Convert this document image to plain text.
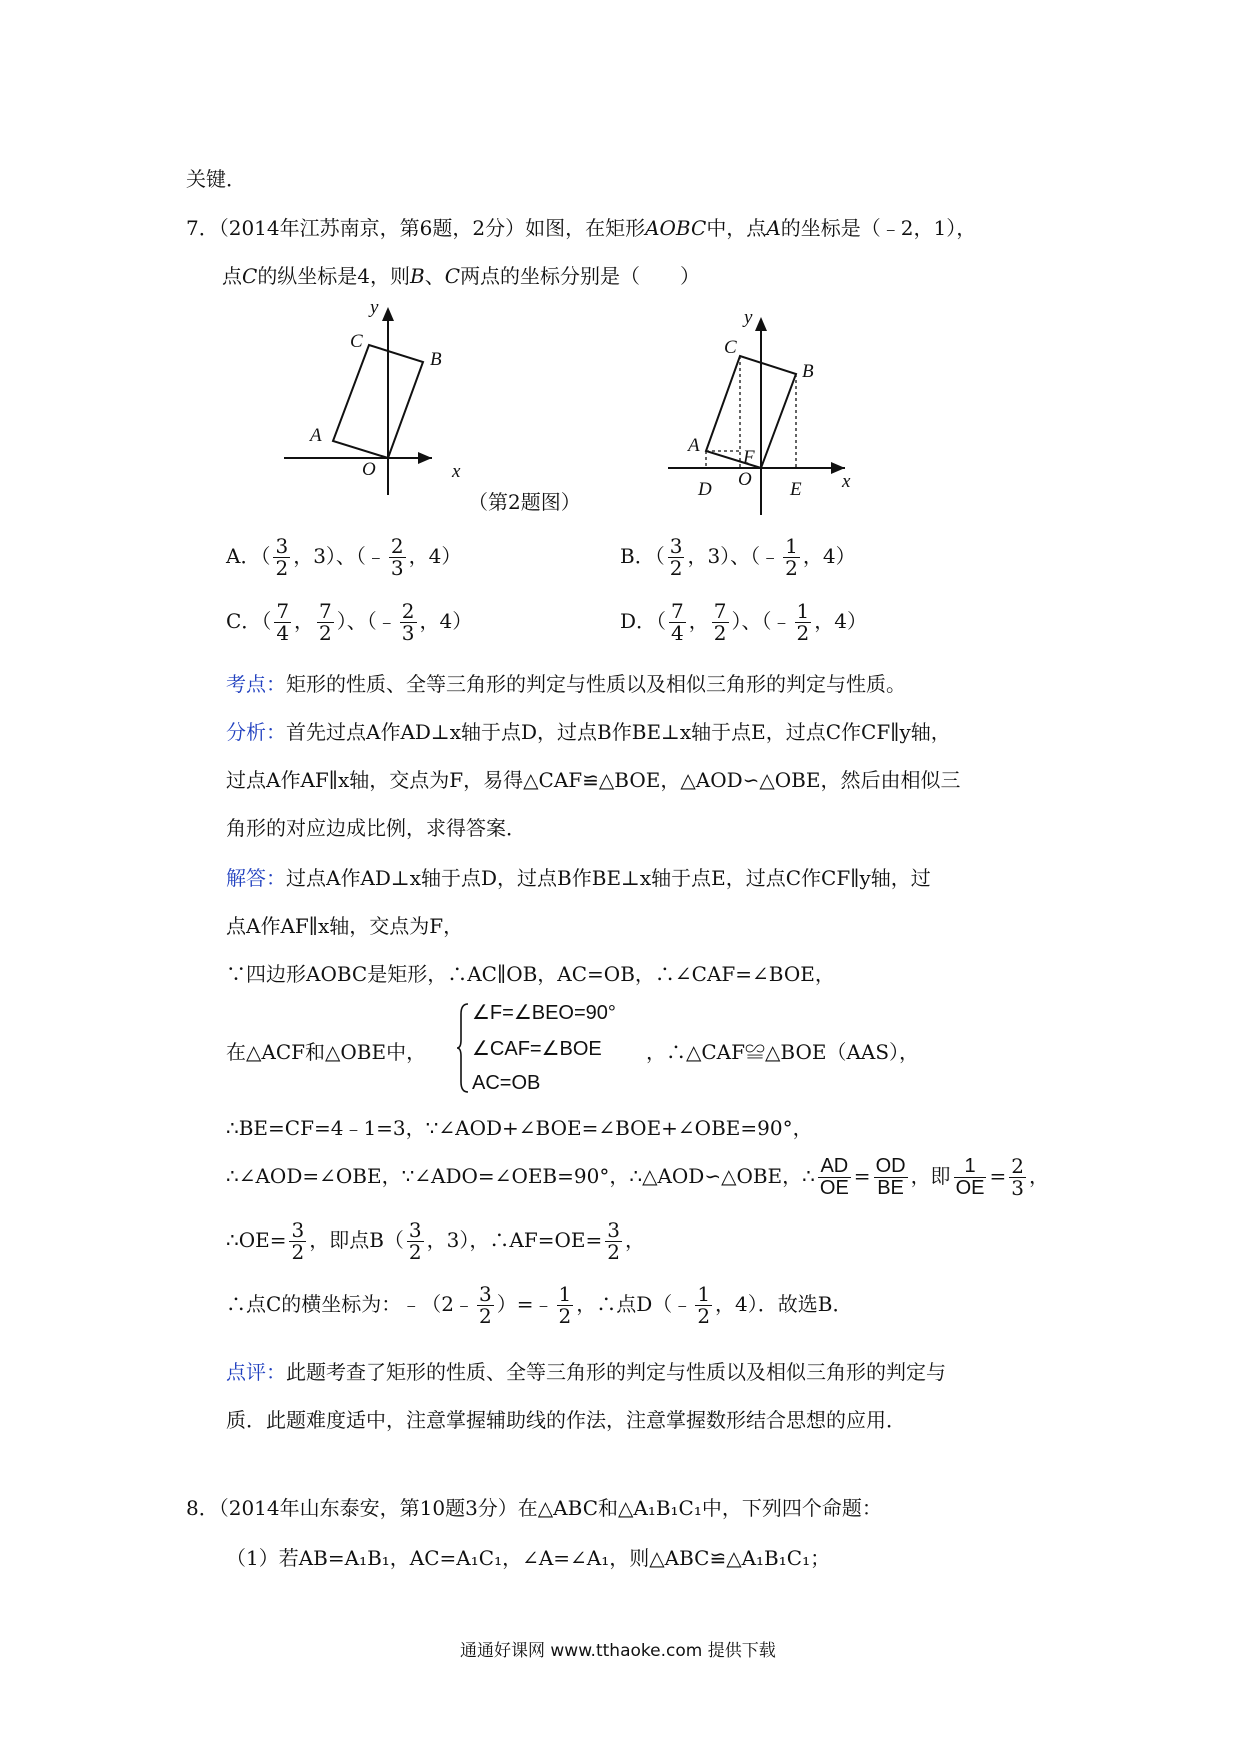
关键．
7．（2014年江苏南京，第6题，2分）如图，在矩形AOBC中，点A的坐标是（﹣2，1），
点C的纵坐标是4，则B、C两点的坐标分别是（　　）
y
C
B
A
O	x
（第2题图）
y
C
B
A
F
O
D	E x
A．（ $\frac{3}{2}$ ，3）、（﹣ $\frac{2}{3}$ ，4）	B．（ $\frac{3}{2}$ ，3）、（﹣ $\frac{1}{2}$ ，4）
C．（ $\frac{7}{4}$ ， $\frac{7}{2}$ ）、（﹣ $\frac{2}{3}$ ，4）	D．（ $\frac{7}{4}$ ， $\frac{7}{2}$ ）、（﹣ $\frac{1}{2}$ ，4）
考点：矩形的性质、全等三角形的判定与性质以及相似三角形的判定与性质。
分析：首先过点A作AD⊥x轴于点D，过点B作BE⊥x轴于点E，过点C作CF∥y轴，
过点A作AF∥x轴，交点为F，易得△CAF≌△BOE，△AOD∽△OBE，然后由相似三
角形的对应边成比例，求得答案．
解答：过点A作AD⊥x轴于点D，过点B作BE⊥x轴于点E，过点C作CF∥y轴，过
点A作AF∥x轴，交点为F，
∵四边形AOBC是矩形，∴AC∥OB，AC=OB，∴∠CAF=∠BOE，
在△ACF和△OBE中，
∠F=∠BEO=90°
∠CAF=∠BOE
AC=OB
，∴△CAF≌△BOE（AAS），
∴BE=CF=4﹣1=3，∵∠AOD+∠BOE=∠BOE+∠OBE=90°，
∴∠AOD=∠OBE，∵∠ADO=∠OEB=90°，∴△AOD∽△OBE，∴ $\frac{AD}{OE} = \frac{OD}{BE}$ ，即 $\frac{1}{OE} = \frac{2}{3}$ ，
∴OE= $\frac{3}{2}$ ，即点$B( \frac{3}{2}$ ，3），∴AF=OE= $\frac{3}{2}$ ，
∴点C的横坐标为：﹣（2﹣ $\frac{3}{2}$ ）=﹣ $\frac{1}{2}$ ，∴点D（﹣ $\frac{1}{2}$ ，4）．故选B．
点评：此题考查了矩形的性质、全等三角形的判定与性质以及相似三角形的判定与
质．此题难度适中，注意掌握辅助线的作法，注意掌握数形结合思想的应用．
8．（2014年山东泰安，第10题3分）在△ABC和△A₁B₁C₁中，下列四个命题：
（1）若AB=A₁B₁，AC=A₁C₁，∠A=∠A₁，则△ABC≌△A₁B₁C₁；
通通好课网 www.tthaoke.com 提供下载
